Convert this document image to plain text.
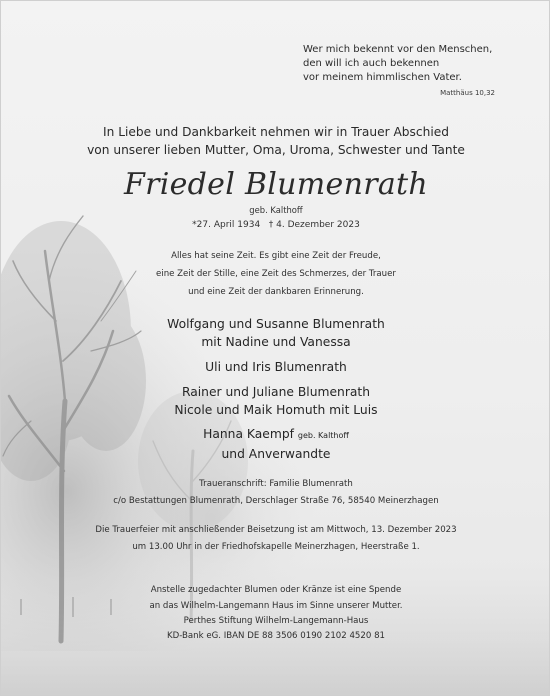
Wer mich bekennt vor den Menschen,
den will ich auch bekennen
vor meinem himmlischen Vater.
Matthäus 10,32
In Liebe und Dankbarkeit nehmen wir in Trauer Abschied
von unserer lieben Mutter, Oma, Uroma, Schwester und Tante
Friedel Blumenrath
geb. Kalthoff
*27. April 1934 † 4. Dezember 2023
Alles hat seine Zeit. Es gibt eine Zeit der Freude,
eine Zeit der Stille, eine Zeit des Schmerzes, der Trauer
und eine Zeit der dankbaren Erinnerung.
Wolfgang und Susanne Blumenrath
mit Nadine und Vanessa
Uli und Iris Blumenrath
Rainer und Juliane Blumenrath
Nicole und Maik Homuth mit Luis
Hanna Kaempf geb. Kalthoff
und Anverwandte
Traueranschrift: Familie Blumenrath
c/o Bestattungen Blumenrath, Derschlager Straße 76, 58540 Meinerzhagen
Die Trauerfeier mit anschließender Beisetzung ist am Mittwoch, 13. Dezember 2023
um 13.00 Uhr in der Friedhofskapelle Meinerzhagen, Heerstraße 1.
Anstelle zugedachter Blumen oder Kränze ist eine Spende
an das Wilhelm-Langemann Haus im Sinne unserer Mutter.
Perthes Stiftung Wilhelm-Langemann-Haus
KD-Bank eG. IBAN DE 88 3506 0190 2102 4520 81
